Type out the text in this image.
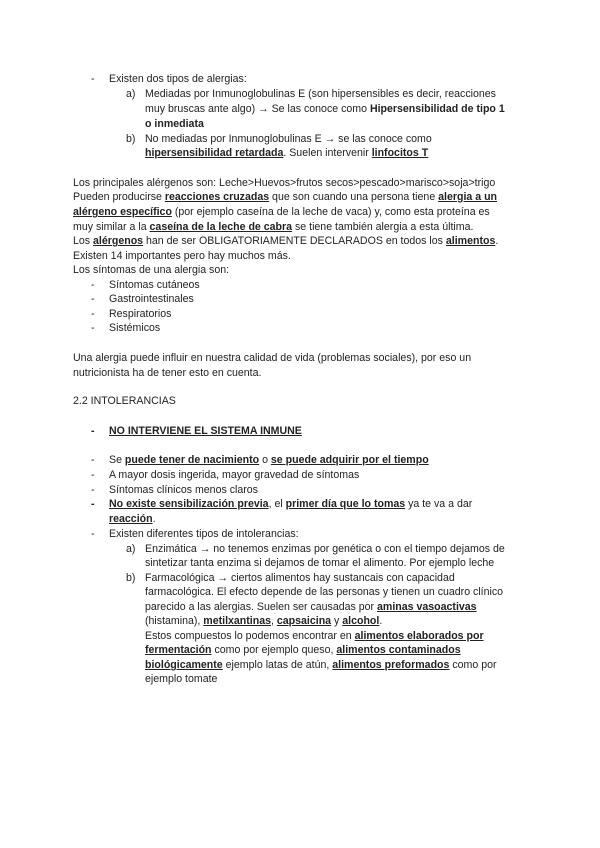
- Existen dos tipos de alergias:
a) Mediadas por Inmunoglobulinas E (son hipersensibles es decir, reacciones
muy bruscas ante algo) → Se las conoce como Hipersensibilidad de tipo 1
o inmediata
b) No mediadas por Inmunoglobulinas E → se las conoce como
hipersensibilidad retardada. Suelen intervenir linfocitos T
Los principales alérgenos son: Leche>Huevos>frutos secos>pescado>marisco>soja>trigo
Pueden producirse reacciones cruzadas que son cuando una persona tiene alergia a un
alérgeno específico (por ejemplo caseína de la leche de vaca) y, como esta proteína es
muy similar a la caseína de la leche de cabra se tiene también alergia a esta última.
Los alérgenos han de ser OBLIGATORIAMENTE DECLARADOS en todos los alimentos.
Existen 14 importantes pero hay muchos más.
Los síntomas de una alergia son:
- Síntomas cutáneos
- Gastrointestinales
- Respiratorios
- Sistémicos
Una alergia puede influir en nuestra calidad de vida (problemas sociales), por eso un
nutricionista ha de tener esto en cuenta.
2.2 INTOLERANCIAS
- NO INTERVIENE EL SISTEMA INMUNE
- Se puede tener de nacimiento o se puede adquirir por el tiempo
- A mayor dosis ingerida, mayor gravedad de síntomas
- Síntomas clínicos menos claros
- No existe sensibilización previa, el primer día que lo tomas ya te va a dar
reacción.
- Existen diferentes tipos de intolerancias:
a) Enzimática → no tenemos enzimas por genética o con el tiempo dejamos de
sintetizar tanta enzima si dejamos de tomar el alimento. Por ejemplo leche
b) Farmacológica → ciertos alimentos hay sustancais con capacidad
farmacológica. El efecto depende de las personas y tienen un cuadro clínico
parecido a las alergias. Suelen ser causadas por aminas vasoactivas
(histamina), metilxantinas, capsaicina y alcohol.
Estos compuestos lo podemos encontrar en alimentos elaborados por
fermentación como por ejemplo queso, alimentos contaminados
biológicamente ejemplo latas de atún, alimentos preformados como por
ejemplo tomate
